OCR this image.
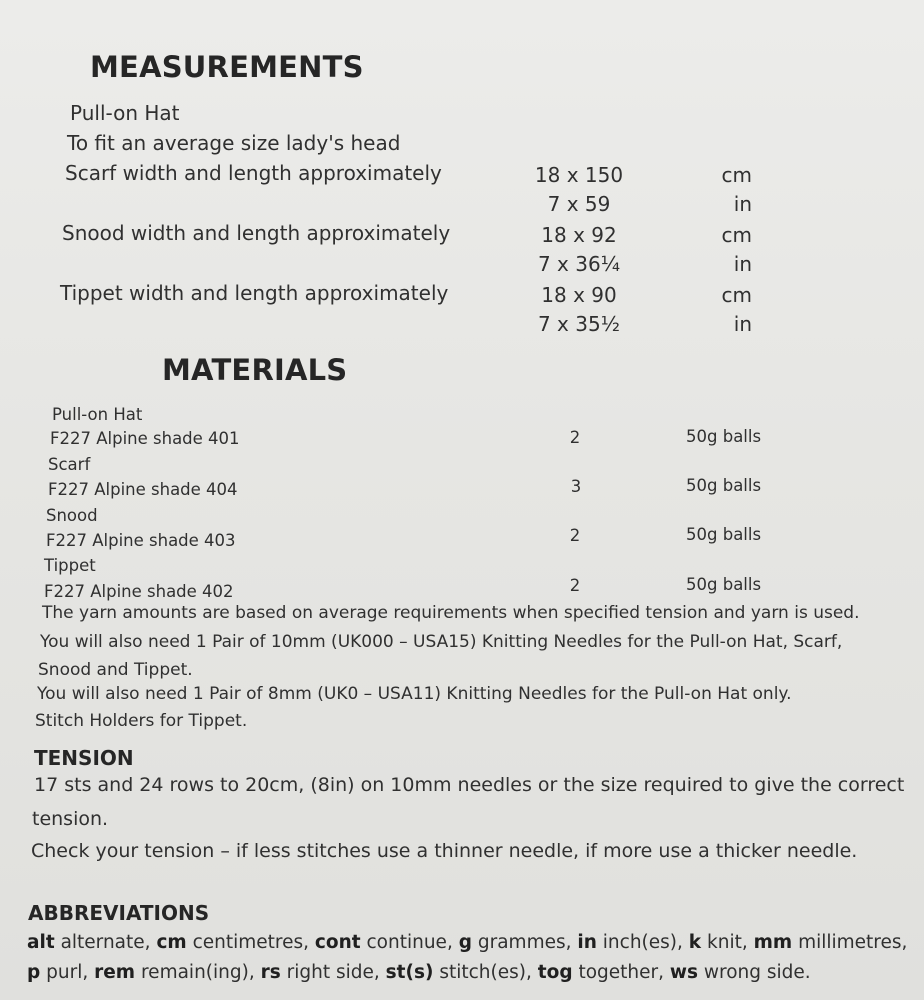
MEASUREMENTS
Pull-on Hat
To fit an average size lady's head
Scarf width and length approximately	18 x 150	cm
7 x 59	in
Snood width and length approximately	18 x 92	cm
7 x 36¼	in
Tippet width and length approximately	18 x 90	cm
7 x 35½	in
MATERIALS
Pull-on Hat
F227 Alpine shade 401	2	50g balls
Scarf
F227 Alpine shade 404	3	50g balls
Snood
F227 Alpine shade 403	2	50g balls
Tippet
F227 Alpine shade 402	2	50g balls
The yarn amounts are based on average requirements when specified tension and yarn is used.
You will also need 1 Pair of 10mm (UK000 – USA15) Knitting Needles for the Pull-on Hat, Scarf,
Snood and Tippet.
You will also need 1 Pair of 8mm (UK0 – USA11) Knitting Needles for the Pull-on Hat only.
Stitch Holders for Tippet.
TENSION
17 sts and 24 rows to 20cm, (8in) on 10mm needles or the size required to give the correct
tension.
Check your tension – if less stitches use a thinner needle, if more use a thicker needle.
ABBREVIATIONS
alt alternate, cm centimetres, cont continue, g grammes, in inch(es), k knit, mm millimetres,
p purl, rem remain(ing), rs right side, st(s) stitch(es), tog together, ws wrong side.
